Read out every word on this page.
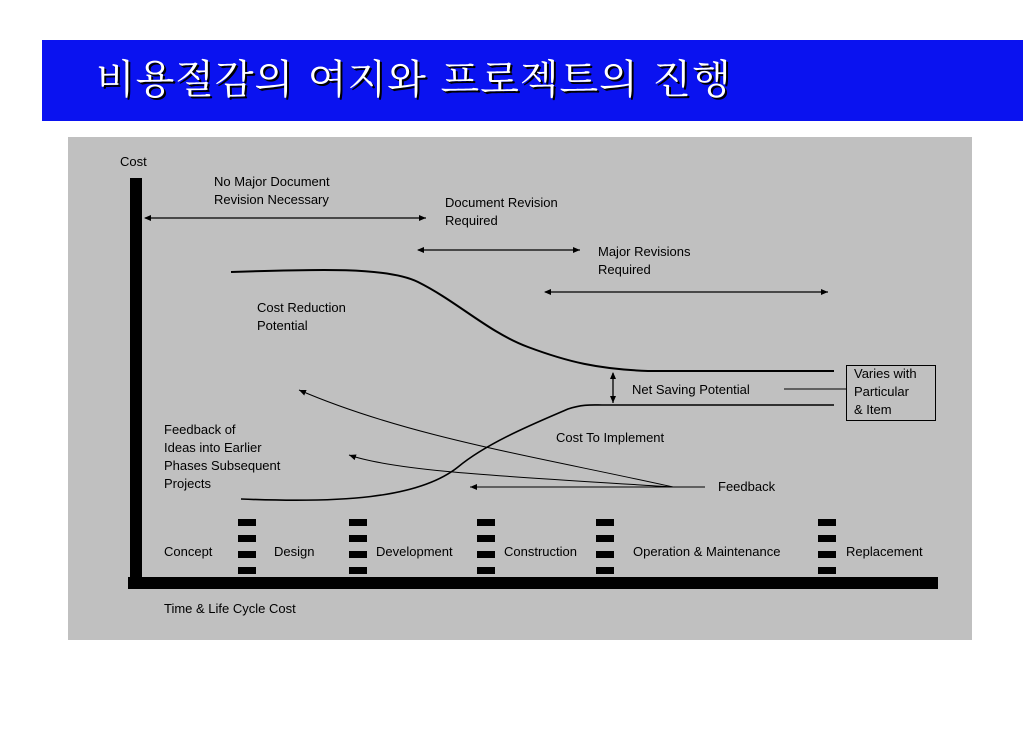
비용절감의 여지와 프로젝트의 진행
Cost
Time & Life Cycle Cost
No Major Document
Revision Necessary	Document Revision
Required
Major Revisions
Required
Cost Reduction
Potential
Net Saving Potential
Cost To Implement
Varies with
Particular
& Item
Feedback of
Ideas into Earlier
Phases Subsequent
Projects	Feedback
Concept	Design	Development	Construction	Operation & Maintenance	Replacement
